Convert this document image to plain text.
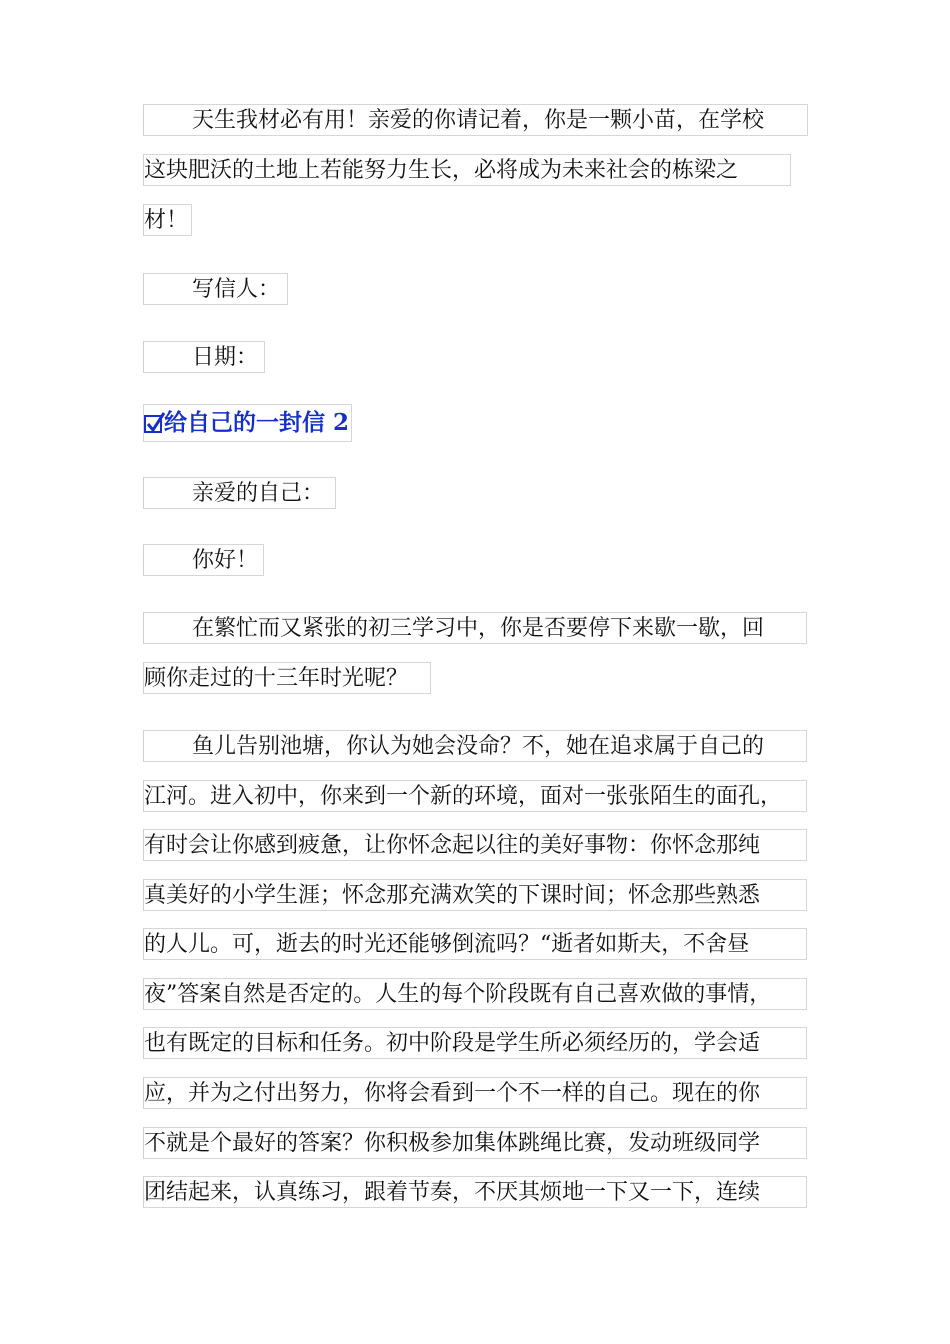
天生我材必有用！亲爱的你请记着，你是一颗小苗，在学校
这块肥沃的土地上若能努力生长，必将成为未来社会的栋梁之
材！
写信人：
日期：
给自己的一封信 2
亲爱的自己：
你好！
在繁忙而又紧张的初三学习中，你是否要停下来歇一歇，回
顾你走过的十三年时光呢？
鱼儿告别池塘，你认为她会没命？不，她在追求属于自己的
江河。进入初中，你来到一个新的环境，面对一张张陌生的面孔，
有时会让你感到疲惫，让你怀念起以往的美好事物：你怀念那纯
真美好的小学生涯；怀念那充满欢笑的下课时间；怀念那些熟悉
的人儿。可，逝去的时光还能够倒流吗？“逝者如斯夫，不舍昼
夜”答案自然是否定的。人生的每个阶段既有自己喜欢做的事情，
也有既定的目标和任务。初中阶段是学生所必须经历的，学会适
应，并为之付出努力，你将会看到一个不一样的自己。现在的你
不就是个最好的答案？你积极参加集体跳绳比赛，发动班级同学
团结起来，认真练习，跟着节奏，不厌其烦地一下又一下，连续
